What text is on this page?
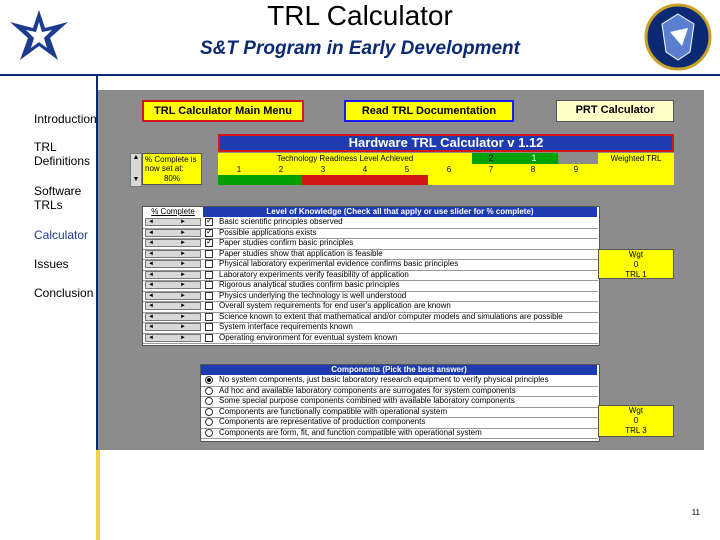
TRL Calculator
S&T Program in Early Development
Introduction
TRL Definitions
Software TRLs
Calculator
Issues
Conclusion
TRL Calculator Main Menu	Read TRL Documentation	PRT Calculator
Hardware TRL Calculator v 1.12
▲
▼
% Complete is now set at:
80%
Technology Readiness Level Achieved	2	1	Weighted TRL
1	2	3	4	5	6	7	8	9
% Complete	Level of Knowledge (Check all that apply or use slider for % complete)
◄	►	✓ Basic scientific principles observed
◄	►	✓ Possible applications exists
◄	►	✓ Paper studies confirm basic principles
◄	►	Paper studies show that application is feasible
◄	►	Physical laboratory experimental evidence confirms basic principles
◄	►	Laboratory experiments verify feasibility of application
◄	►	Rigorous analytical studies confirm basic principles
◄	►	Physics underlying the technology is well understood
◄	►	Overall system requirements for end user's application are known
◄	►	Science known to extent that mathematical and/or computer models and simulations are possible
◄	►	System interface requirements known
◄	►	Operating environment for eventual system known
Wgt
0
TRL 1
Components (Pick the best answer)
No system components, just basic laboratory research equipment to verify physical principles
Ad hoc and available laboratory components are surrogates for system components
Some special purpose components combined with available laboratory components
Components are functionally compatible with operational system
Components are representative of production components
Components are form, fit, and function compatible with operational system
Wgt
0
TRL 3
11
